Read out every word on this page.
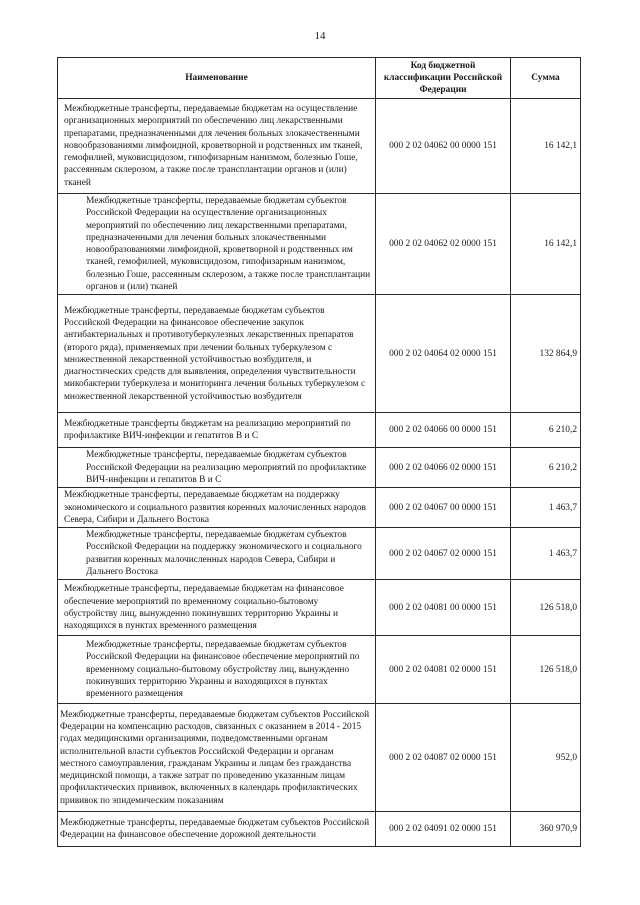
14
Наименование	Код бюджетной классификации Российской Федерации	Сумма
Межбюджетные трансферты, передаваемые бюджетам на осуществление организационных мероприятий по обеспечению лиц лекарственными препаратами, предназначенными для лечения больных злокачественными новообразованиями лимфоидной, кроветворной и родственных им тканей, гемофилией, муковисцидозом, гипофизарным нанизмом, болезнью Гоше, рассеянным склерозом, а также после трансплантации органов и (или) тканей	000 2 02 04062 00 0000 151	16 142,1
Межбюджетные трансферты, передаваемые бюджетам субъектов Российской Федерации на осуществление организационных мероприятий по обеспечению лиц лекарственными препаратами, предназначенными для лечения больных злокачественными новообразованиями лимфоидной, кроветворной и родственных им тканей, гемофилией, муковисцидозом, гипофизарным нанизмом, болезнью Гоше, рассеянным склерозом, а также после трансплантации органов и (или) тканей	000 2 02 04062 02 0000 151	16 142,1
Межбюджетные трансферты, передаваемые бюджетам субъектов Российской Федерации на финансовое обеспечение закупок антибактериальных и противотуберкулезных лекарственных препаратов (второго ряда), применяемых при лечении больных туберкулезом с множественной лекарственной устойчивостью возбудителя, и диагностических средств для выявления, определения чувствительности микобактерии туберкулеза и мониторинга лечения больных туберкулезом с множественной лекарственной устойчивостью возбудителя	000 2 02 04064 02 0000 151	132 864,9
Межбюджетные трансферты бюджетам на реализацию мероприятий по профилактике ВИЧ-инфекции и гепатитов В и С	000 2 02 04066 00 0000 151	6 210,2
Межбюджетные трансферты, передаваемые бюджетам субъектов Российской Федерации на реализацию мероприятий по профилактике ВИЧ-инфекции и гепатитов В и С	000 2 02 04066 02 0000 151	6 210,2
Межбюджетные трансферты, передаваемые бюджетам на поддержку экономического и социального развития коренных малочисленных народов Севера, Сибири и Дальнего Востока	000 2 02 04067 00 0000 151	1 463,7
Межбюджетные трансферты, передаваемые бюджетам субъектов Российской Федерации на поддержку экономического и социального развития коренных малочисленных народов Севера, Сибири и Дальнего Востока	000 2 02 04067 02 0000 151	1 463,7
Межбюджетные трансферты, передаваемые бюджетам на финансовое обеспечение мероприятий по временному социально-бытовому обустройству лиц, вынужденно покинувших территорию Украины и находящихся в пунктах временного размещения	000 2 02 04081 00 0000 151	126 518,0
Межбюджетные трансферты, передаваемые бюджетам субъектов Российской Федерации на финансовое обеспечение мероприятий по временному социально-бытовому обустройству лиц, вынужденно покинувших территорию Украины и находящихся в пунктах временного размещения	000 2 02 04081 02 0000 151	126 518,0
Межбюджетные трансферты, передаваемые бюджетам субъектов Российской Федерации на компенсацию расходов, связанных с оказанием в 2014 - 2015 годах медицинскими организациями, подведомственными органам исполнительной власти субъектов Российской Федерации и органам местного самоуправления, гражданам Украины и лицам без гражданства медицинской помощи, а также затрат по проведению указанным лицам профилактических прививок, включенных в календарь профилактических прививок по эпидемическим показаниям	000 2 02 04087 02 0000 151	952,0
Межбюджетные трансферты, передаваемые бюджетам субъектов Российской Федерации на финансовое обеспечение дорожной деятельности	000 2 02 04091 02 0000 151	360 970,9
